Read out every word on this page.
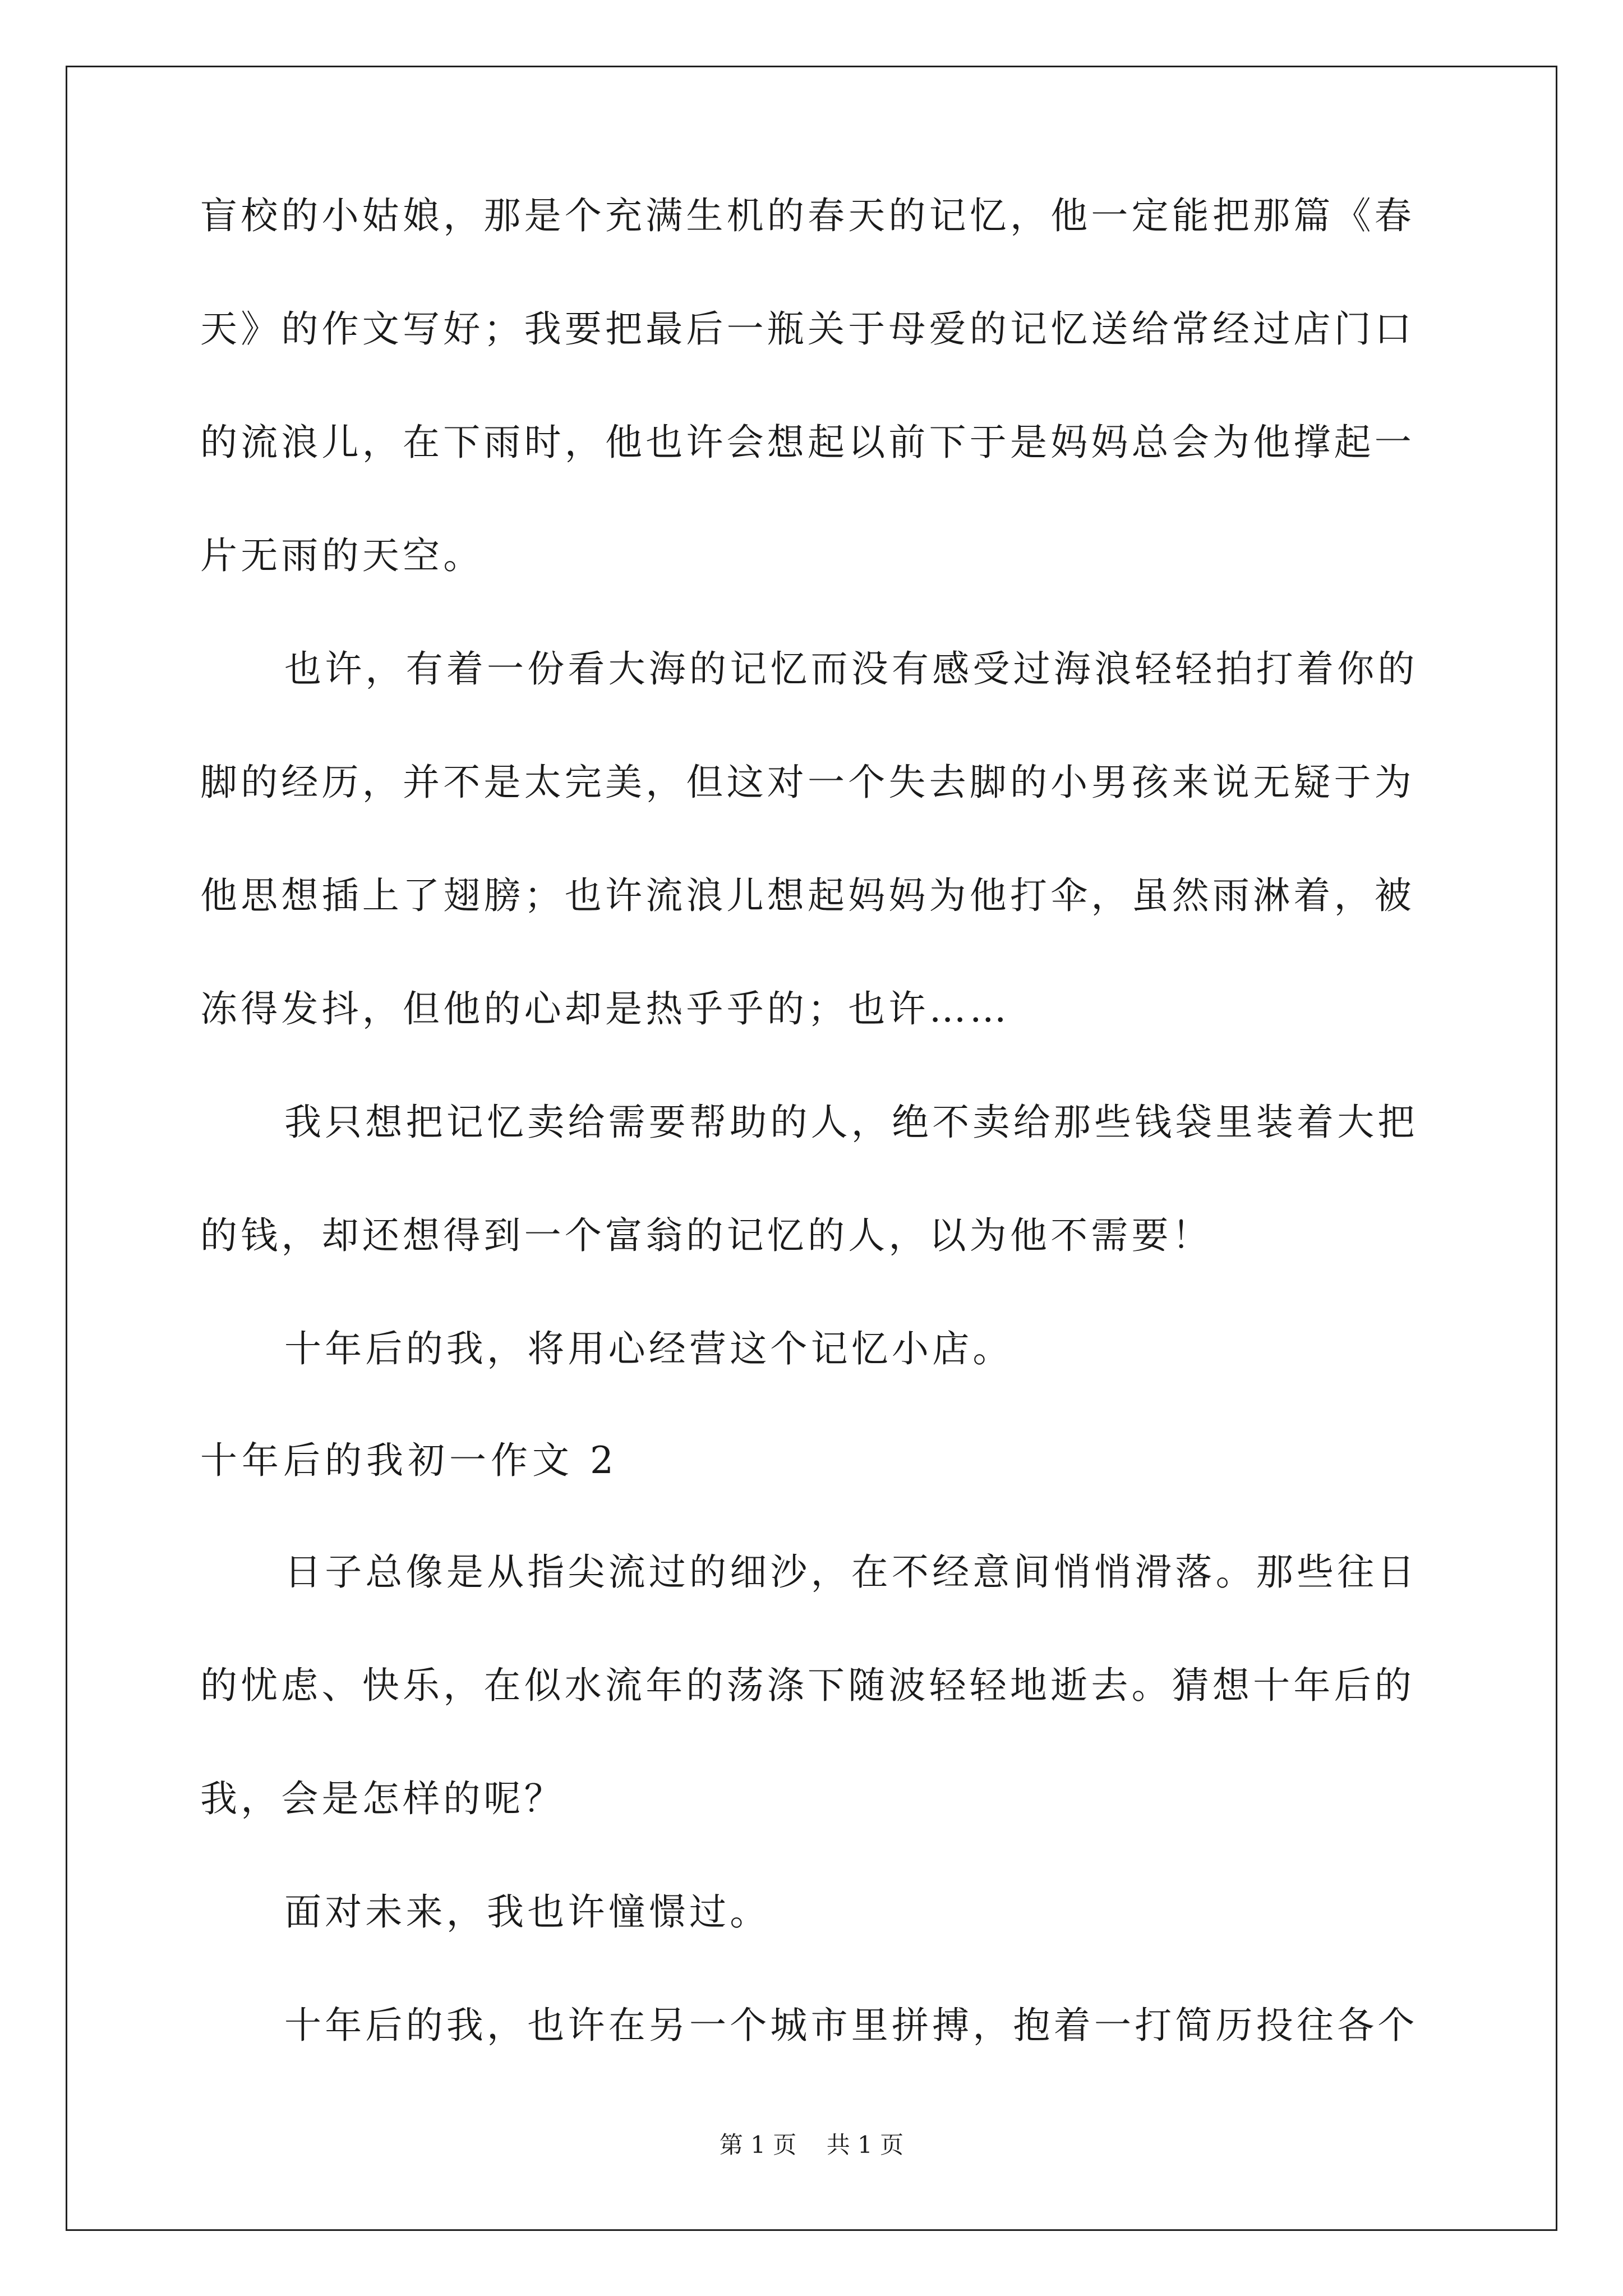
盲校的小姑娘，那是个充满生机的春天的记忆，他一定能把那篇《春
天》的作文写好；我要把最后一瓶关于母爱的记忆送给常经过店门口
的流浪儿，在下雨时，他也许会想起以前下于是妈妈总会为他撑起一
片无雨的天空。
也许，有着一份看大海的记忆而没有感受过海浪轻轻拍打着你的
脚的经历，并不是太完美，但这对一个失去脚的小男孩来说无疑于为
他思想插上了翅膀；也许流浪儿想起妈妈为他打伞，虽然雨淋着，被
冻得发抖，但他的心却是热乎乎的；也许……
我只想把记忆卖给需要帮助的人，绝不卖给那些钱袋里装着大把
的钱，却还想得到一个富翁的记忆的人，以为他不需要！
十年后的我，将用心经营这个记忆小店。
十年后的我初一作文 2
日子总像是从指尖流过的细沙，在不经意间悄悄滑落。那些往日
的忧虑、快乐，在似水流年的荡涤下随波轻轻地逝去。猜想十年后的
我，会是怎样的呢？
面对未来，我也许憧憬过。
十年后的我，也许在另一个城市里拼搏，抱着一打简历投往各个
第 1 页    共 1 页
